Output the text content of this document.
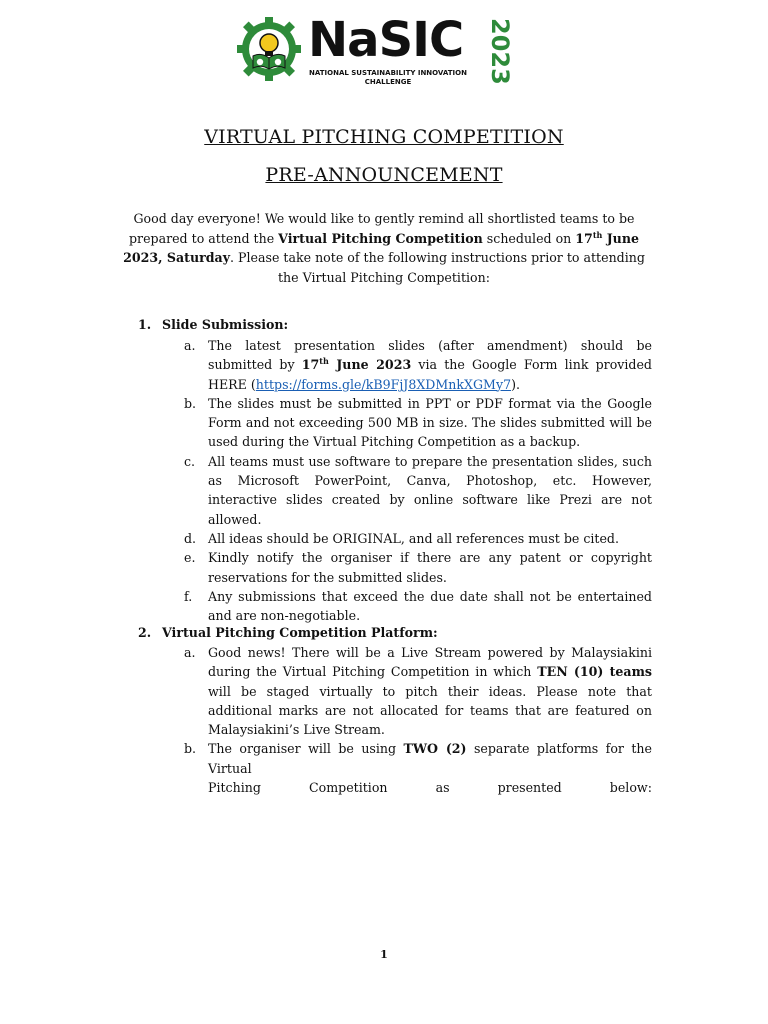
NaSIC 2023
NATIONAL SUSTAINABILITY INNOVATION CHALLENGE
VIRTUAL PITCHING COMPETITION
PRE-ANNOUNCEMENT
Good day everyone! We would like to gently remind all shortlisted teams to be prepared to attend the Virtual Pitching Competition scheduled on 17th June 2023, Saturday. Please take note of the following instructions prior to attending the Virtual Pitching Competition:
1. Slide Submission:
a. The latest presentation slides (after amendment) should be submitted by 17th June 2023 via the Google Form link provided HERE (https://forms.gle/kB9FjJ8XDMnkXGMy7).
b. The slides must be submitted in PPT or PDF format via the Google Form and not exceeding 500 MB in size. The slides submitted will be used during the Virtual Pitching Competition as a backup.
c. All teams must use software to prepare the presentation slides, such as Microsoft PowerPoint, Canva, Photoshop, etc. However, interactive slides created by online software like Prezi are not allowed.
d. All ideas should be ORIGINAL, and all references must be cited.
e. Kindly notify the organiser if there are any patent or copyright reservations for the submitted slides.
f. Any submissions that exceed the due date shall not be entertained and are non-negotiable.
2. Virtual Pitching Competition Platform:
a. Good news! There will be a Live Stream powered by Malaysiakini during the Virtual Pitching Competition in which TEN (10) teams will be staged virtually to pitch their ideas. Please note that additional marks are not allocated for teams that are featured on Malaysiakini’s Live Stream.
b. The organiser will be using TWO (2) separate platforms for the Virtual
Pitching	Competition	as	presented	below:
1
